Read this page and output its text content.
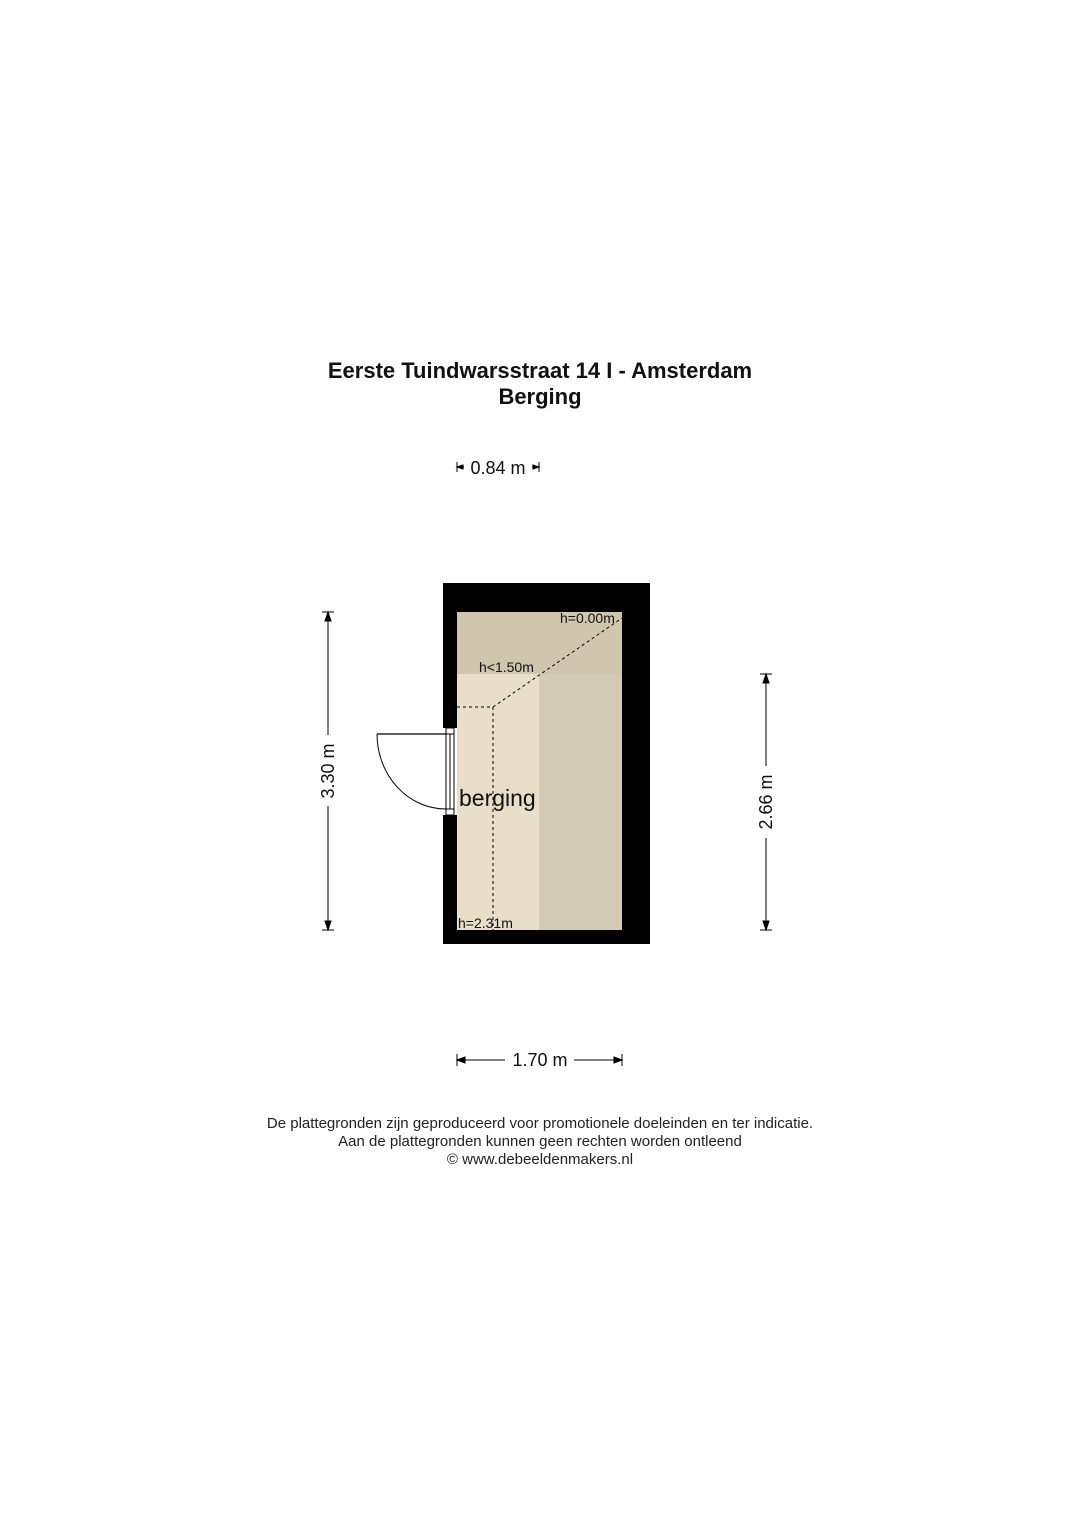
Eerste Tuindwarsstraat 14 I - Amsterdam
Berging
berging
h=0.00m
h<1.50m
h=2.31m
0.84 m
1.70 m
3.30 m
2.66 m
De plattegronden zijn geproduceerd voor promotionele doeleinden en ter indicatie.
Aan de plattegronden kunnen geen rechten worden ontleend
© www.debeeldenmakers.nl
